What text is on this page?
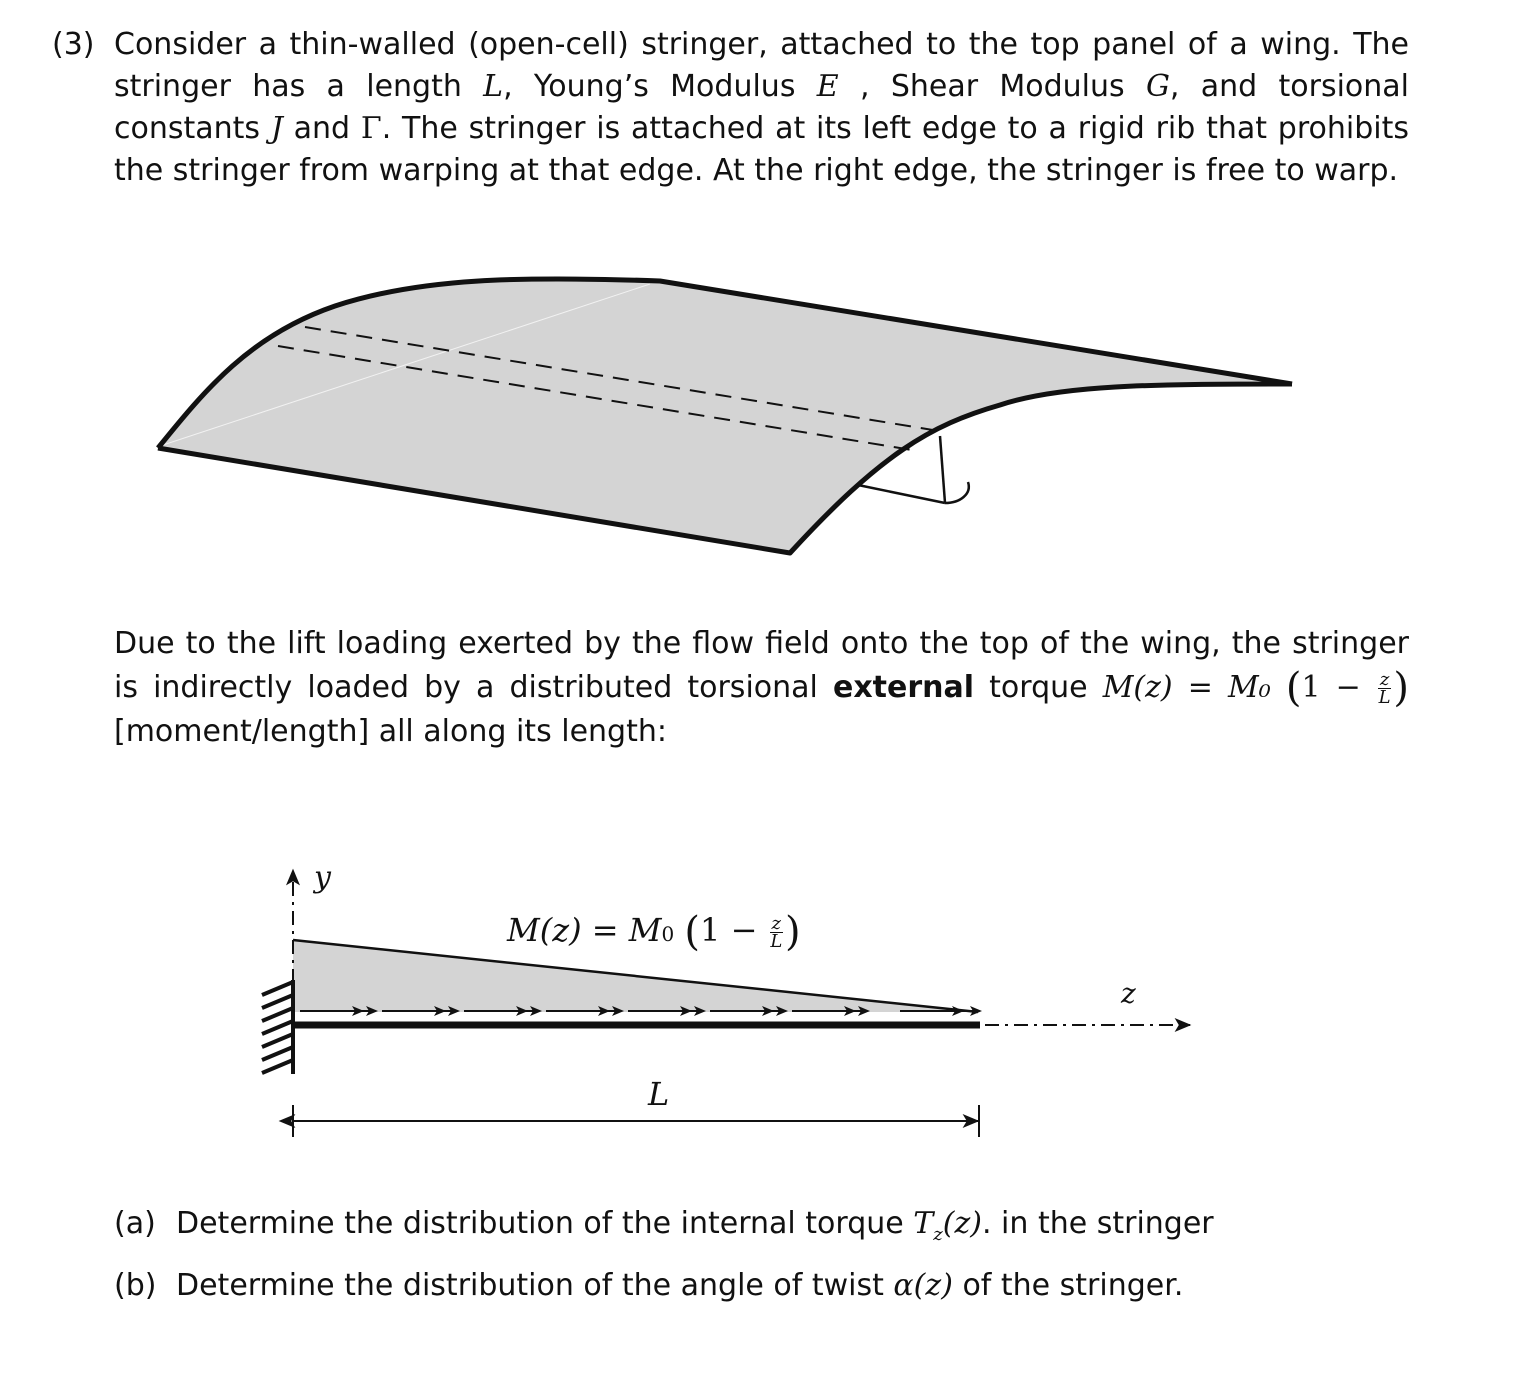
(3) Consider a thin-walled (open-cell) stringer, attached to the top panel of a wing. The stringer has a length L, Young’s Modulus E , Shear Modulus G, and torsional constants J and Γ. The stringer is attached at its left edge to a rigid rib that prohibits the stringer from warping at that edge. At the right edge, the stringer is free to warp.

y
z
L
M(z) = M0 ($1 - \frac{z}{L}$ )

Due to the lift loading exerted by the flow field onto the top of the wing, the stringer is indirectly loaded by a distributed torsional external torque M(z) = M₀ ($1 - \frac{z}{L}$ ) [moment/length] all along its length:

(a) Determine the distribution of the internal torque $T_z(z)$. in the stringer
(b) Determine the distribution of the angle of twist α(z) of the stringer.
